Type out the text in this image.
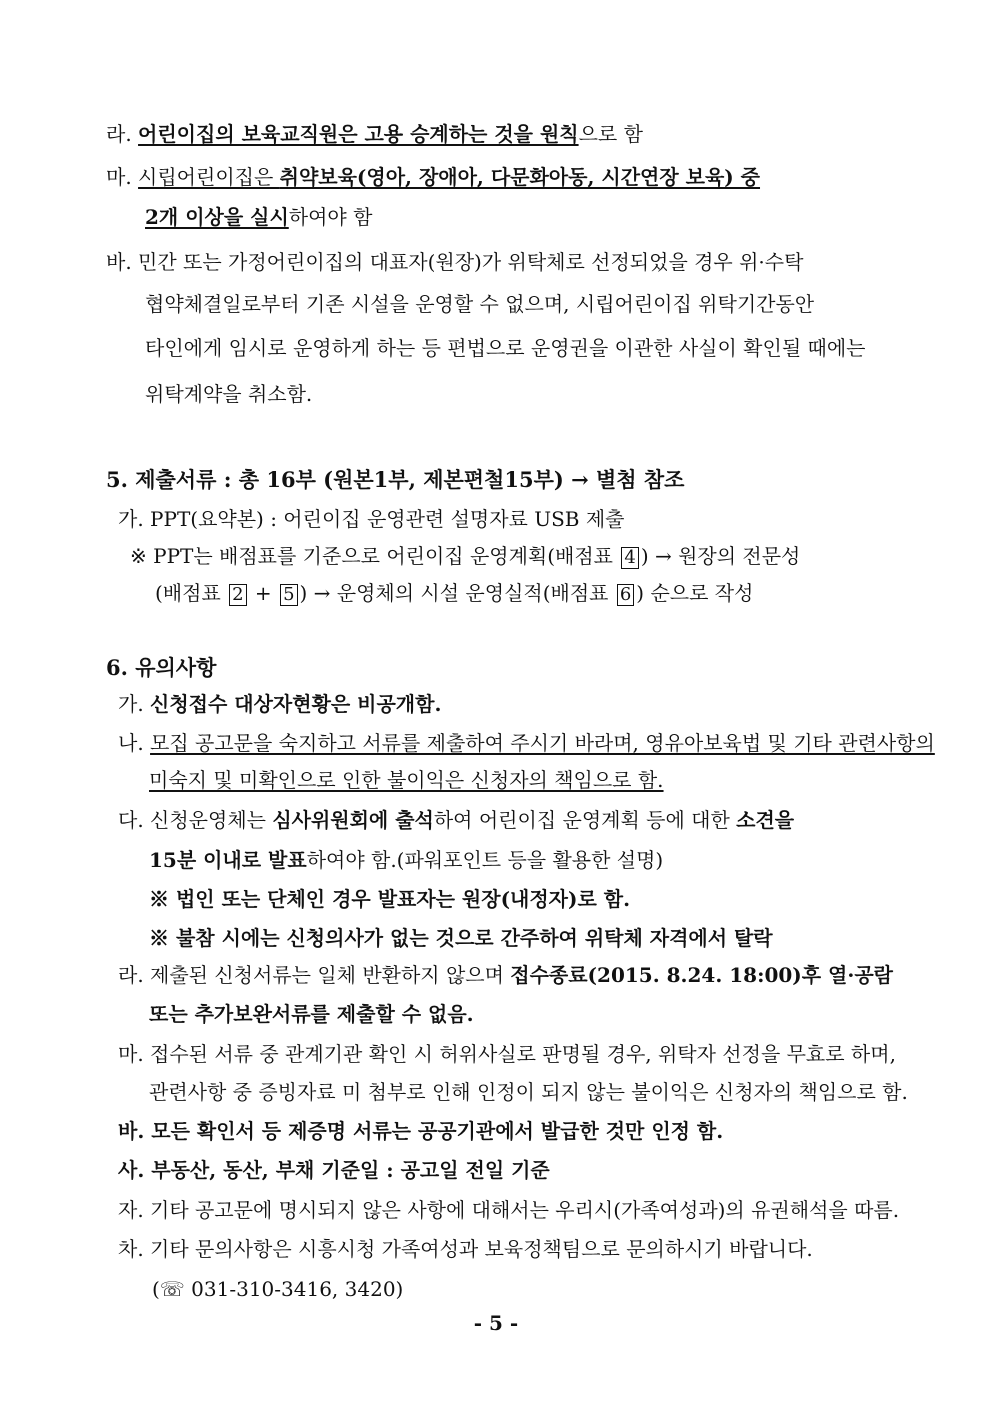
라. 어린이집의 보육교직원은 고용 승계하는 것을 원칙으로 함
마. 시립어린이집은 취약보육(영아, 장애아, 다문화아동, 시간연장 보육) 중
2개 이상을 실시하여야 함
바. 민간 또는 가정어린이집의 대표자(원장)가 위탁체로 선정되었을 경우 위·수탁
협약체결일로부터 기존 시설을 운영할 수 없으며, 시립어린이집 위탁기간동안
타인에게 임시로 운영하게 하는 등 편법으로 운영권을 이관한 사실이 확인될 때에는
위탁계약을 취소함.
5. 제출서류 : 총 16부 (원본1부, 제본편철15부) → 별첨 참조
가. PPT(요약본) : 어린이집 운영관련 설명자료 USB 제출
※ PPT는 배점표를 기준으로 어린이집 운영계획(배점표 4 ) → 원장의 전문성
(배점표 2 + 5 ) → 운영체의 시설 운영실적(배점표 6 ) 순으로 작성
6. 유의사항
가. 신청접수 대상자현황은 비공개함.
나. 모집 공고문을 숙지하고 서류를 제출하여 주시기 바라며, 영유아보육법 및 기타 관련사항의
미숙지 및 미확인으로 인한 불이익은 신청자의 책임으로 함.
다. 신청운영체는 심사위원회에 출석하여 어린이집 운영계획 등에 대한 소견을
15분 이내로 발표하여야 함.(파워포인트 등을 활용한 설명)
※ 법인 또는 단체인 경우 발표자는 원장(내정자)로 함.
※ 불참 시에는 신청의사가 없는 것으로 간주하여 위탁체 자격에서 탈락
라. 제출된 신청서류는 일체 반환하지 않으며 접수종료(2015. 8.24. 18:00)후 열·공람
또는 추가보완서류를 제출할 수 없음.
마. 접수된 서류 중 관계기관 확인 시 허위사실로 판명될 경우, 위탁자 선정을 무효로 하며,
관련사항 중 증빙자료 미 첨부로 인해 인정이 되지 않는 불이익은 신청자의 책임으로 함.
바. 모든 확인서 등 제증명 서류는 공공기관에서 발급한 것만 인정 함.
사. 부동산, 동산, 부채 기준일 : 공고일 전일 기준
자. 기타 공고문에 명시되지 않은 사항에 대해서는 우리시(가족여성과)의 유권해석을 따름.
차. 기타 문의사항은 시흥시청 가족여성과 보육정책팀으로 문의하시기 바랍니다.
(☏ 031-310-3416, 3420)
- 5 -
